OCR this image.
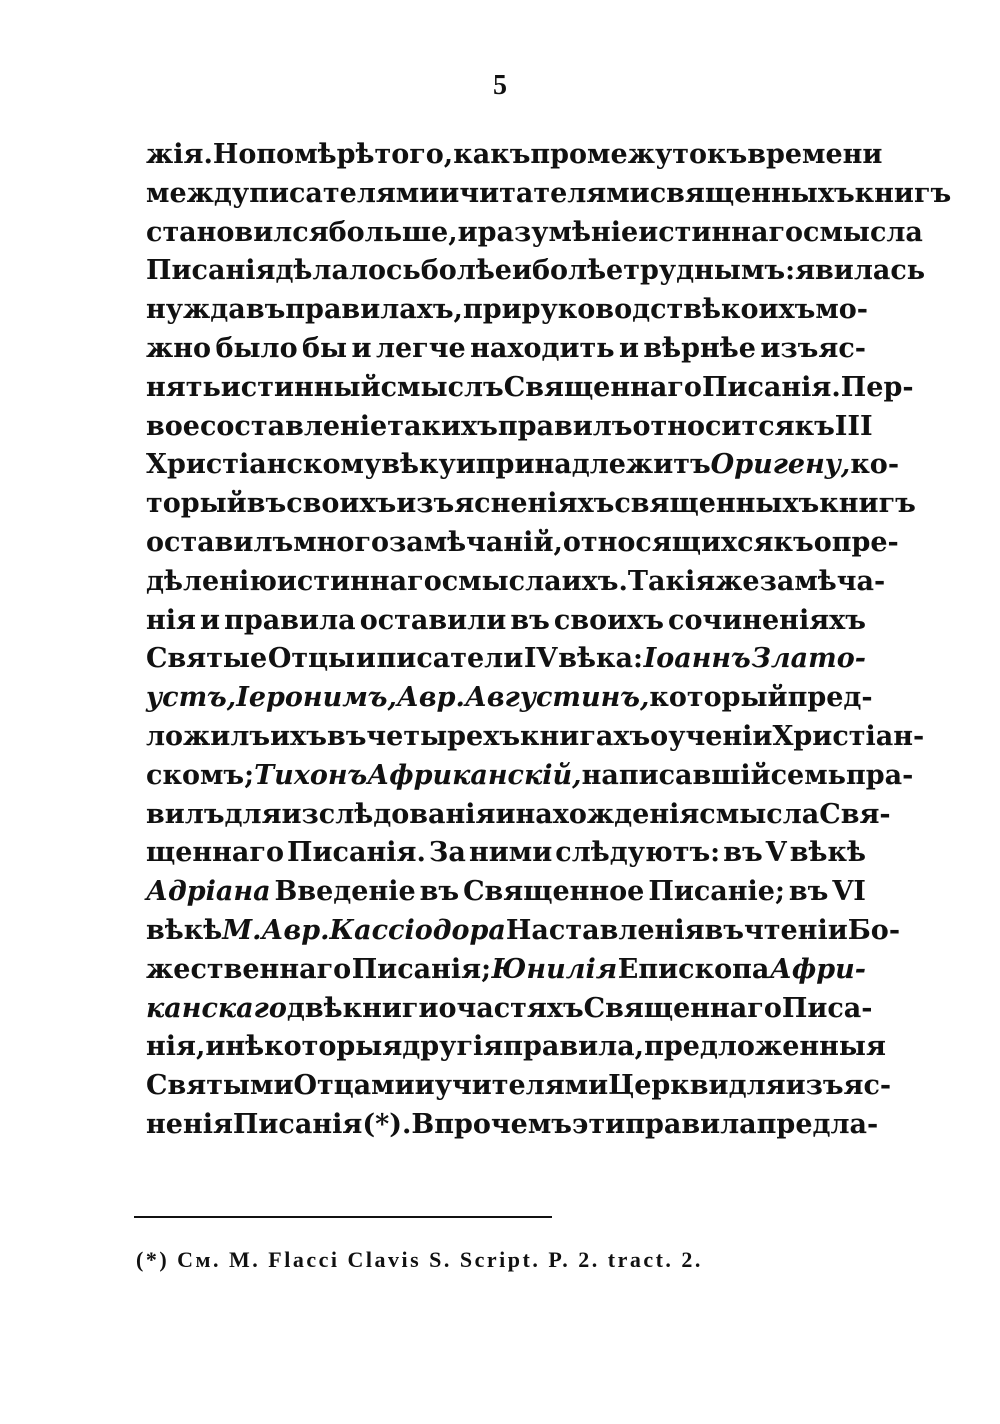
5
жія. Но по мѣрѣ того, какъ промежутокъ времени
между писателями и читателями священныхъ книгъ
становился больше, и разумѣніе истиннаго смысла
Писанія дѣлалось болѣе и болѣе труднымъ: явилась
нужда въ правилахъ, при руководствѣ коихъ мо-
жно было бы и легче находить и вѣрнѣе изъяс-
нять истинный смыслъ Священнаго Писанія. Пер-
вое составленіе такихъ правилъ относится къ III
Христіанскому вѣку и принадлежитъ Оригену, ко-
торый въ своихъ изъясненіяхъ священныхъ книгъ
оставилъ много замѣчаній, относящихся къ опре-
дѣленію истиннаго смысла ихъ. Такія же замѣча-
нія и правила оставили въ своихъ сочиненіяхъ
Святые Отцы и писатели IV вѣка: Іоаннъ Злато-
устъ, Іеронимъ, Авр. Августинъ, который пред-
ложилъ ихъ въ четырехъ книгахъ о ученіи Христіан-
скомъ; Тихонъ Африканскій, написавшій семь пра-
вилъ для изслѣдованія и нахожденія смысла Свя-
щеннаго Писанія. За ними слѣдуютъ: въ V вѣкѣ
Адріана Введеніе въ Священное Писаніе; въ VI
вѣкѣ М. Авр. Кассіодора Наставленія въ чтеніи Бо-
жественнаго Писанія; Юнилія Епископа Афри-
канскаго двѣ книги о частяхъ Священнаго Писа-
нія, и нѣкоторыя другія правила, предложенныя
Святыми Отцами и учителями Церкви для изъяс-
ненія Писанія (*). Впрочемъ эти правила предла-
(*) См. M. Flacci Clavis S. Script. P. 2. tract. 2.
